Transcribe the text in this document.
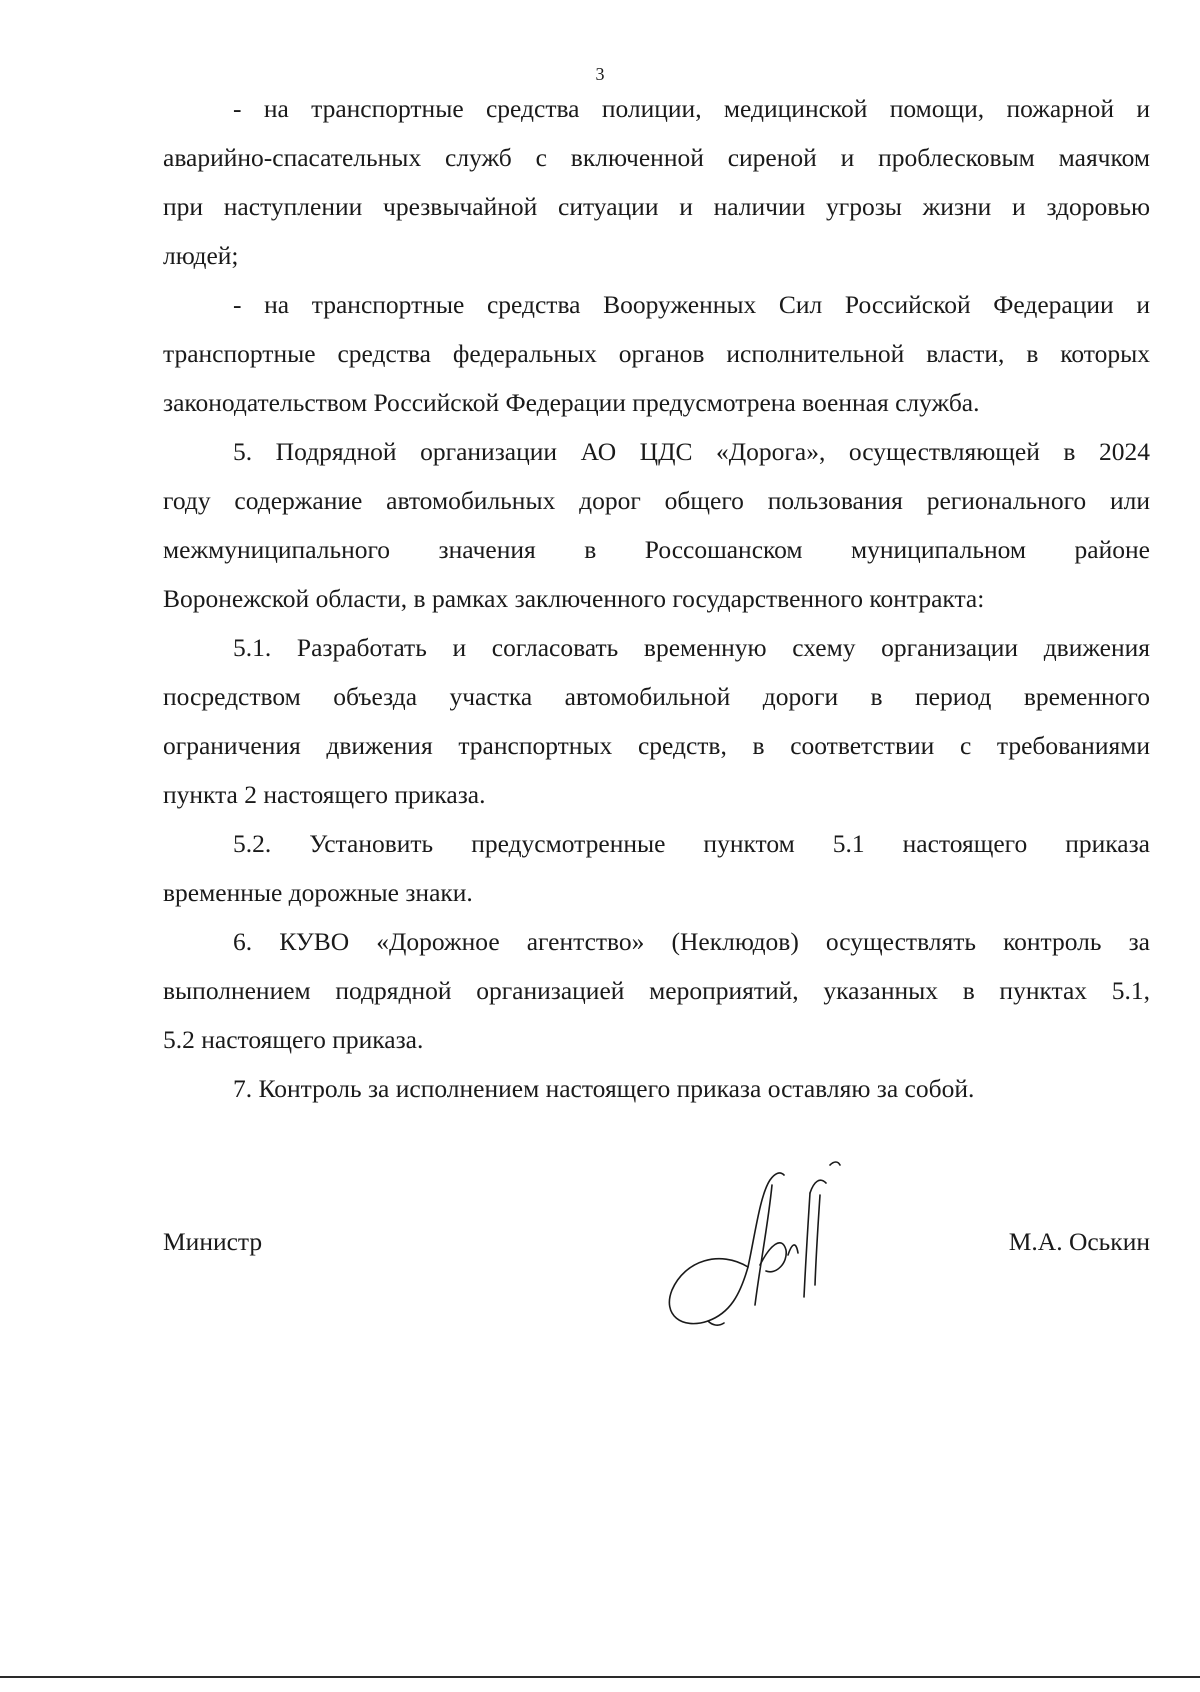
3
- на транспортные средства полиции, медицинской помощи, пожарной и
аварийно-спасательных служб с включенной сиреной и проблесковым маячком
при наступлении чрезвычайной ситуации и наличии угрозы жизни и здоровью
людей;
- на транспортные средства Вооруженных Сил Российской Федерации и
транспортные средства федеральных органов исполнительной власти, в которых
законодательством Российской Федерации предусмотрена военная служба.
5. Подрядной организации АО ЦДС «Дорога», осуществляющей в 2024
году содержание автомобильных дорог общего пользования регионального или
межмуниципального значения в Россошанском муниципальном районе
Воронежской области, в рамках заключенного государственного контракта:
5.1. Разработать и согласовать временную схему организации движения
посредством объезда участка автомобильной дороги в период временного
ограничения движения транспортных средств, в соответствии с требованиями
пункта 2 настоящего приказа.
5.2. Установить предусмотренные пунктом 5.1 настоящего приказа
временные дорожные знаки.
6. КУВО «Дорожное агентство» (Неклюдов) осуществлять контроль за
выполнением подрядной организацией мероприятий, указанных в пунктах 5.1,
5.2 настоящего приказа.
7. Контроль за исполнением настоящего приказа оставляю за собой.
Министр	М.А. Оськин
